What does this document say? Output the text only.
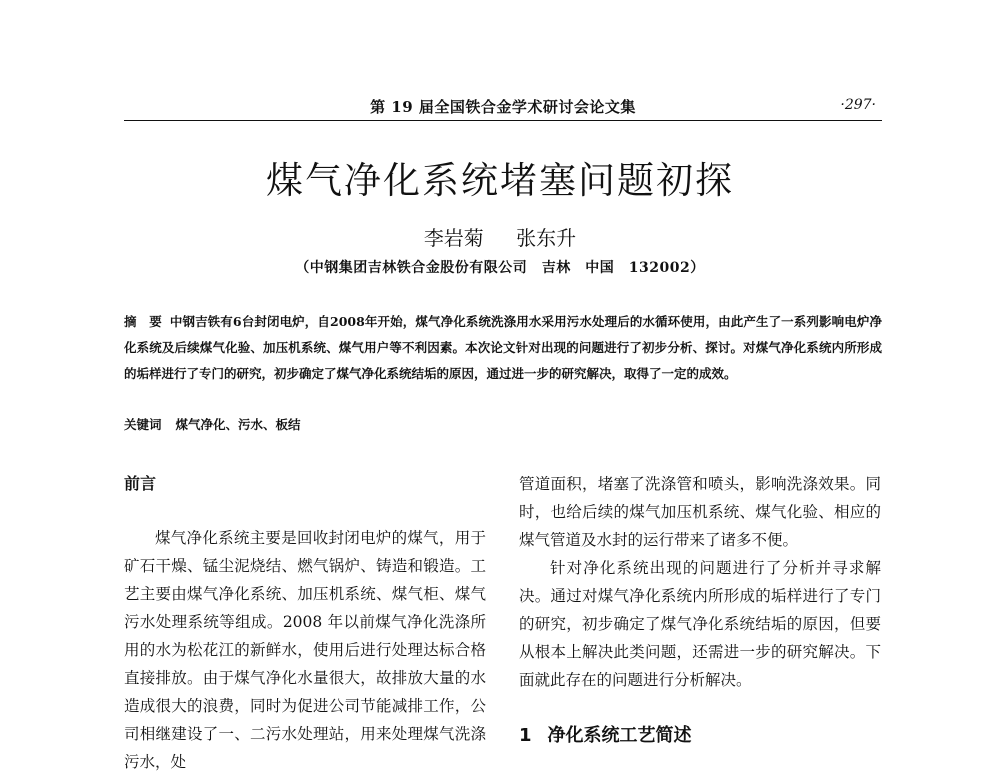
第 19 届全国铁合金学术研讨会论文集	·297·
煤气净化系统堵塞问题初探
李岩菊 张东升
（中钢集团吉林铁合金股份有限公司　吉林　中国　132002）
摘　要 中钢吉铁有6台封闭电炉，自2008年开始，煤气净化系统洗涤用水采用污水处理后的水循环使用，由此产生了一系列影响电炉净化系统及后续煤气化验、加压机系统、煤气用户等不利因素。本次论文针对出现的问题进行了初步分析、探讨。对煤气净化系统内所形成的垢样进行了专门的研究，初步确定了煤气净化系统结垢的原因，通过进一步的研究解决，取得了一定的成效。
关键词 煤气净化、污水、板结
前言

煤气净化系统主要是回收封闭电炉的煤气，用于矿石干燥、锰尘泥烧结、燃气锅炉、铸造和锻造。工艺主要由煤气净化系统、加压机系统、煤气柜、煤气污水处理系统等组成。2008 年以前煤气净化洗涤所用的水为松花江的新鲜水，使用后进行处理达标合格直接排放。由于煤气净化水量很大，故排放大量的水造成很大的浪费，同时为促进公司节能减排工作，公司相继建设了一、二污水处理站，用来处理煤气洗涤污水，处

管道面积，堵塞了洗涤管和喷头，影响洗涤效果。同时，也给后续的煤气加压机系统、煤气化验、相应的煤气管道及水封的运行带来了诸多不便。

针对净化系统出现的问题进行了分析并寻求解决。通过对煤气净化系统内所形成的垢样进行了专门的研究，初步确定了煤气净化系统结垢的原因，但要从根本上解决此类问题，还需进一步的研究解决。下面就此存在的问题进行分析解决。

1 净化系统工艺简述
